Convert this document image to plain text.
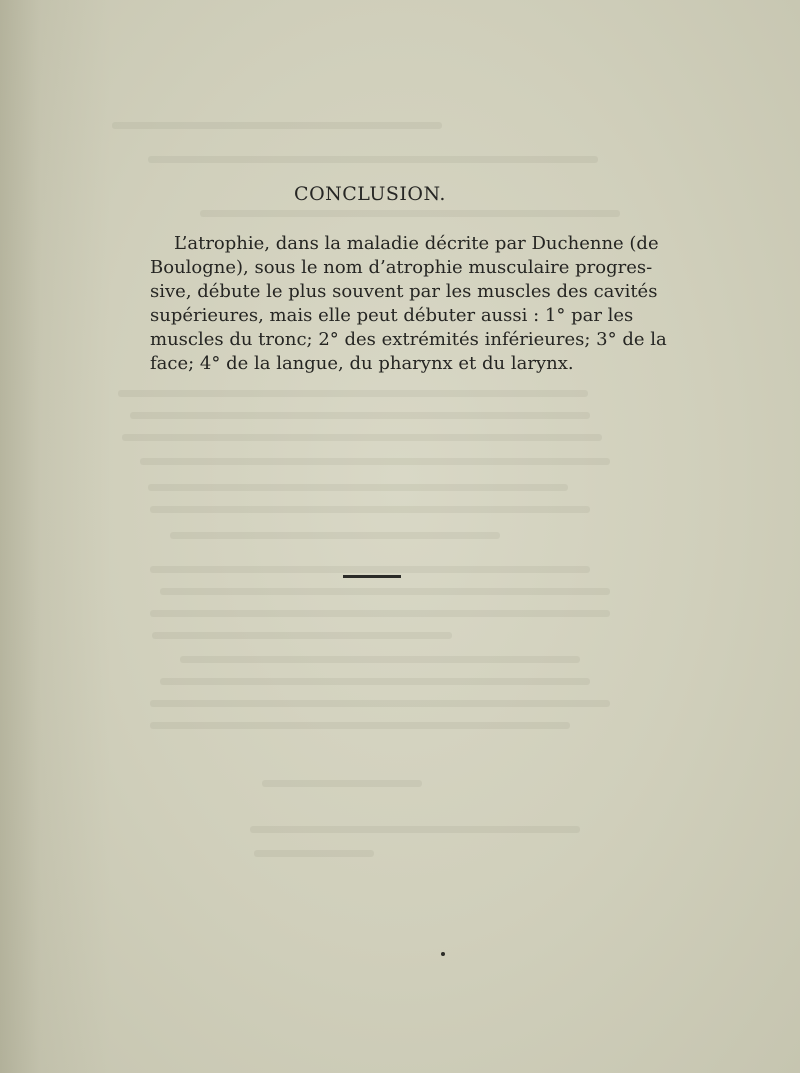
CONCLUSION.
L’atrophie, dans la maladie décrite par Duchenne (de
Boulogne), sous le nom d’atrophie musculaire progres-
sive, débute le plus souvent par les muscles des cavités
supérieures, mais elle peut débuter aussi : 1° par les
muscles du tronc; 2° des extrémités inférieures; 3° de la
face; 4° de la langue, du pharynx et du larynx.
